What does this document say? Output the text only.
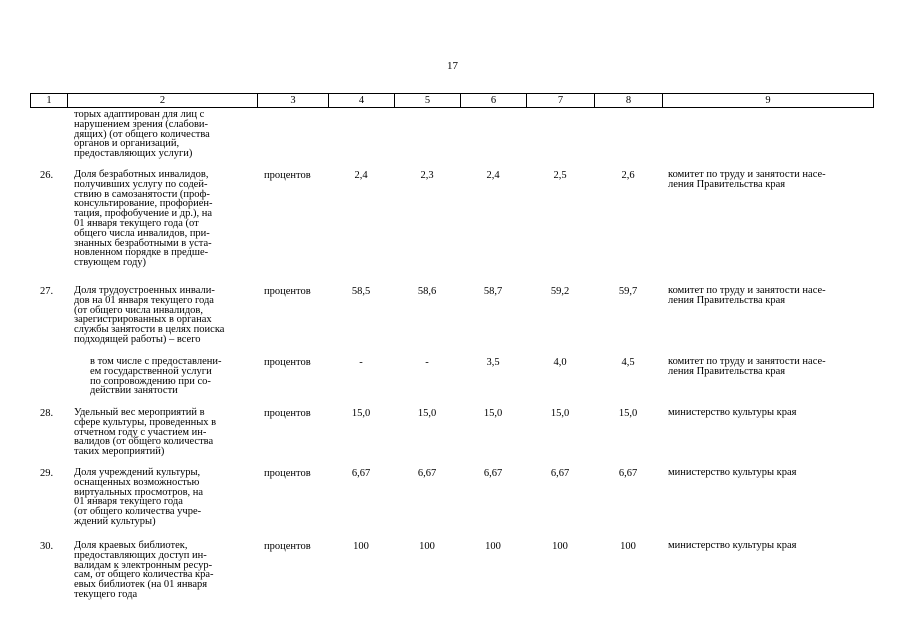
17
1	2	3	4	5	6	7	8	9
торых адаптирован для лиц с
нарушением зрения (слабови-
дящих) (от общего количества
органов и организаций,
предоставляющих услуги)
26. Доля безработных инвалидов,
получивших услугу по содей-
ствию в самозанятости (проф-
консультирование, профориен-
тация, профобучение и др.), на
01 января текущего года (от
общего числа инвалидов, при-
знанных безработными в уста-
новленном порядке в предше-
ствующем году)
процентов	2,4	2,3	2,4	2,5	2,6	комитет по труду и занятости насе-
ления Правительства края
27. Доля трудоустроенных инвали-
дов на 01 января текущего года
(от общего числа инвалидов,
зарегистрированных в органах
службы занятости в целях поиска
подходящей работы) – всего
процентов	58,5	58,6	58,7	59,2	59,7	комитет по труду и занятости насе-
ления Правительства края
в том числе с предоставлени-
ем государственной услуги
по сопровождению при со-
действии занятости
процентов	-	-	3,5	4,0	4,5	комитет по труду и занятости насе-
ления Правительства края
28. Удельный вес мероприятий в
сфере культуры, проведенных в
отчетном году с участием ин-
валидов (от общего количества
таких мероприятий)
процентов	15,0	15,0	15,0	15,0	15,0	министерство культуры края
29. Доля учреждений культуры,
оснащенных возможностью
виртуальных просмотров, на
01 января текущего года
(от общего количества учре-
ждений культуры)
процентов	6,67	6,67	6,67	6,67	6,67	министерство культуры края
30. Доля краевых библиотек,
предоставляющих доступ ин-
валидам к электронным ресур-
сам, от общего количества кра-
евых библиотек (на 01 января
текущего года
процентов	100	100	100	100	100	министерство культуры края
